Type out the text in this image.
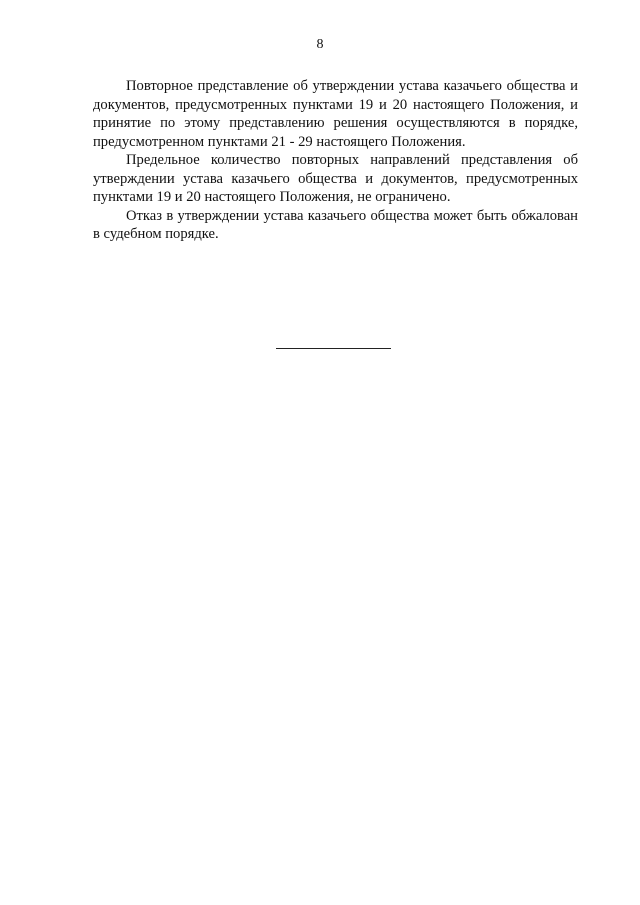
8

Повторное представление об утверждении устава казачьего общества и документов, предусмотренных пунктами 19 и 20 настоящего Положения, и принятие по этому представлению решения осуществляются в порядке, предусмотренном пунктами 21 - 29 настоящего Положения.

Предельное количество повторных направлений представления об утверждении устава казачьего общества и документов, предусмотренных пунктами 19 и 20 настоящего Положения, не ограничено.

Отказ в утверждении устава казачьего общества может быть обжалован в судебном порядке.
